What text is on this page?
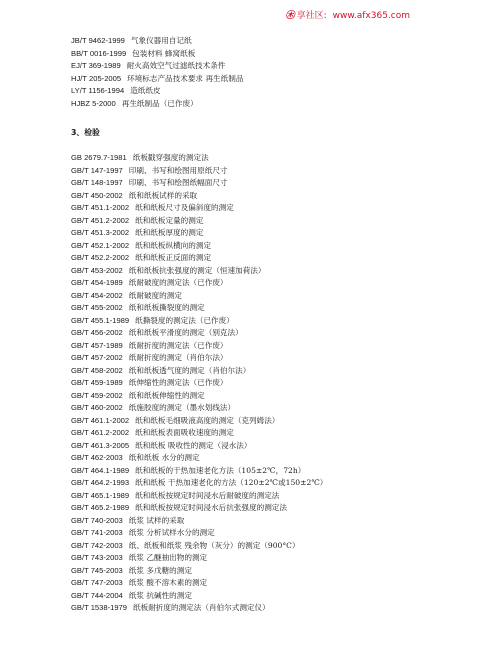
㊍ 享社区: www.afx365.com
JB/T 9462-1999 气象仪器用自记纸
BB/T 0016-1999 包装材料 蜂窝纸板
EJ/T 369-1989 耐火高效空气过滤纸技术条件
HJ/T 205-2005 环境标志产品技术要求 再生纸制品
LY/T 1156-1994 造纸纸皮
HJBZ 5-2000 再生纸制品（已作废）
3、检验
GB 2679.7-1981 纸板戳穿强度的测定法
GB/T 147-1997 印刷、书写和绘图用原纸尺寸
GB/T 148-1997 印刷、书写和绘图纸幅面尺寸
GB/T 450-2002 纸和纸板试样的采取
GB/T 451.1-2002 纸和纸板尺寸及偏斜度的测定
GB/T 451.2-2002 纸和纸板定量的测定
GB/T 451.3-2002 纸和纸板厚度的测定
GB/T 452.1-2002 纸和纸板纵横向的测定
GB/T 452.2-2002 纸和纸板正反面的测定
GB/T 453-2002 纸和纸板抗张强度的测定（恒速加荷法）
GB/T 454-1989 纸耐破度的测定法（已作废）
GB/T 454-2002 纸耐破度的测定
GB/T 455-2002 纸和纸板撕裂度的测定
GB/T 455.1-1989 纸撕裂度的测定法（已作废）
GB/T 456-2002 纸和纸板平滑度的测定（别克法）
GB/T 457-1989 纸耐折度的测定法（已作废）
GB/T 457-2002 纸耐折度的测定（肖伯尔法）
GB/T 458-2002 纸和纸板透气度的测定（肖伯尔法）
GB/T 459-1989 纸伸缩性的测定法（已作废）
GB/T 459-2002 纸和纸板伸缩性的测定
GB/T 460-2002 纸施胶度的测定（墨水划线法）
GB/T 461.1-2002 纸和纸板毛细吸液高度的测定（克列姆法）
GB/T 461.2-2002 纸和纸板表面吸收速度的测定
GB/T 461.3-2005 纸和纸板 吸收性的测定（浸水法）
GB/T 462-2003 纸和纸板 水分的测定
GB/T 464.1-1989 纸和纸板的干热加速老化方法（105±2℃，72h）
GB/T 464.2-1993 纸和纸板 干热加速老化的方法（120±2℃或150±2℃）
GB/T 465.1-1989 纸和纸板按规定时间浸水后耐破度的测定法
GB/T 465.2-1989 纸和纸板按规定时间浸水后抗张强度的测定法
GB/T 740-2003 纸浆 试样的采取
GB/T 741-2003 纸浆 分析试样水分的测定
GB/T 742-2003 纸、纸板和纸浆 残余物（灰分）的测定（900°C）
GB/T 743-2003 纸浆 乙醚抽出物的测定
GB/T 745-2003 纸浆 多戊糖的测定
GB/T 747-2003 纸浆 酸不溶木素的测定
GB/T 744-2004 纸浆 抗碱性的测定
GB/T 1538-1979 纸板耐折度的测定法（肖伯尔式测定仪）
